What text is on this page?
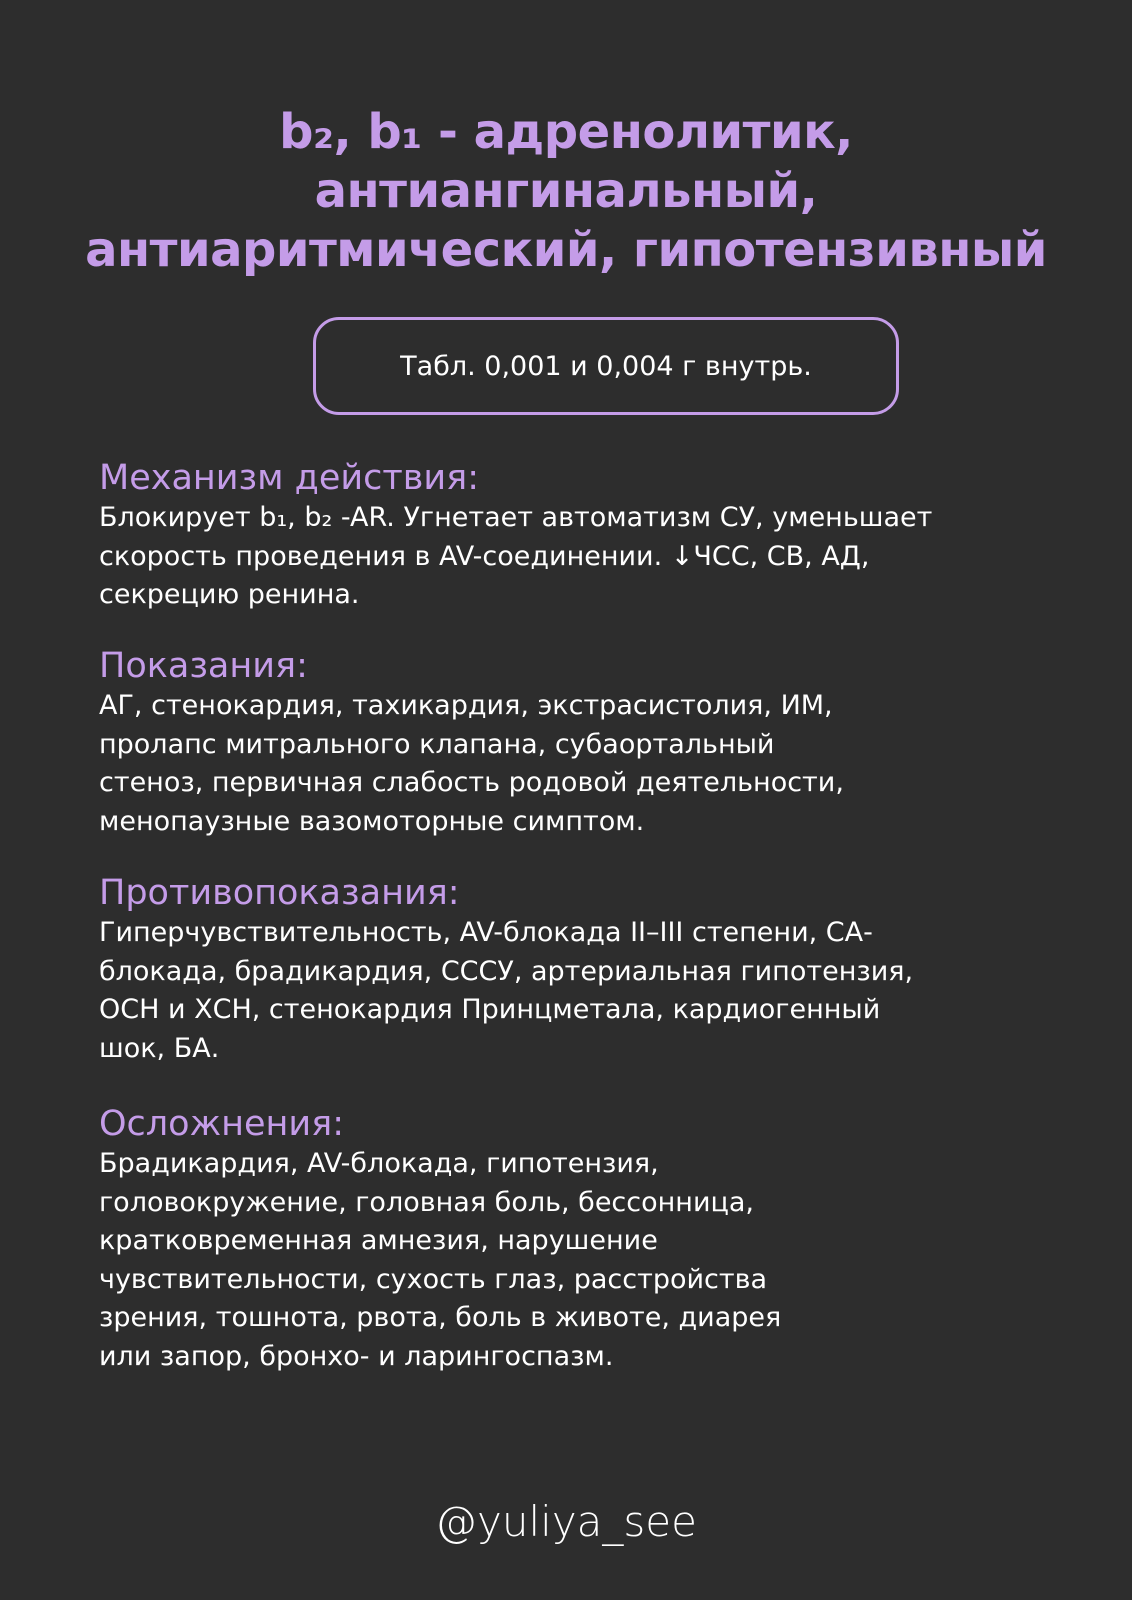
b₂, b₁ - адренолитик,
антиангинальный,
антиаритмический, гипотензивный
Табл. 0,001 и 0,004 г внутрь.
Механизм действия:

Блокирует b₁, b₂ -AR. Угнетает автоматизм СУ, уменьшает
скорость проведения в AV-соединении. ↓ЧСС, СВ, АД,
секрецию ренина.

Показания:

АГ, стенокардия, тахикардия, экстрасистолия, ИМ,
пролапс митрального клапана, субаортальный
стеноз, первичная слабость родовой деятельности,
менопаузные вазомоторные симптом.

Противопоказания:

Гиперчувствительность, AV-блокада II–III степени, СА-
блокада, брадикардия, СССУ, артериальная гипотензия,
ОСН и ХСН, стенокардия Принцметала, кардиогенный
шок, БА.

Осложнения:

Брадикардия, AV-блокада, гипотензия,
головокружение, головная боль, бессонница,
кратковременная амнезия, нарушение
чувствительности, сухость глаз, расстройства
зрения, тошнота, рвота, боль в животе, диарея
или запор, бронхо- и ларингоспазм.

@yuliya_see
